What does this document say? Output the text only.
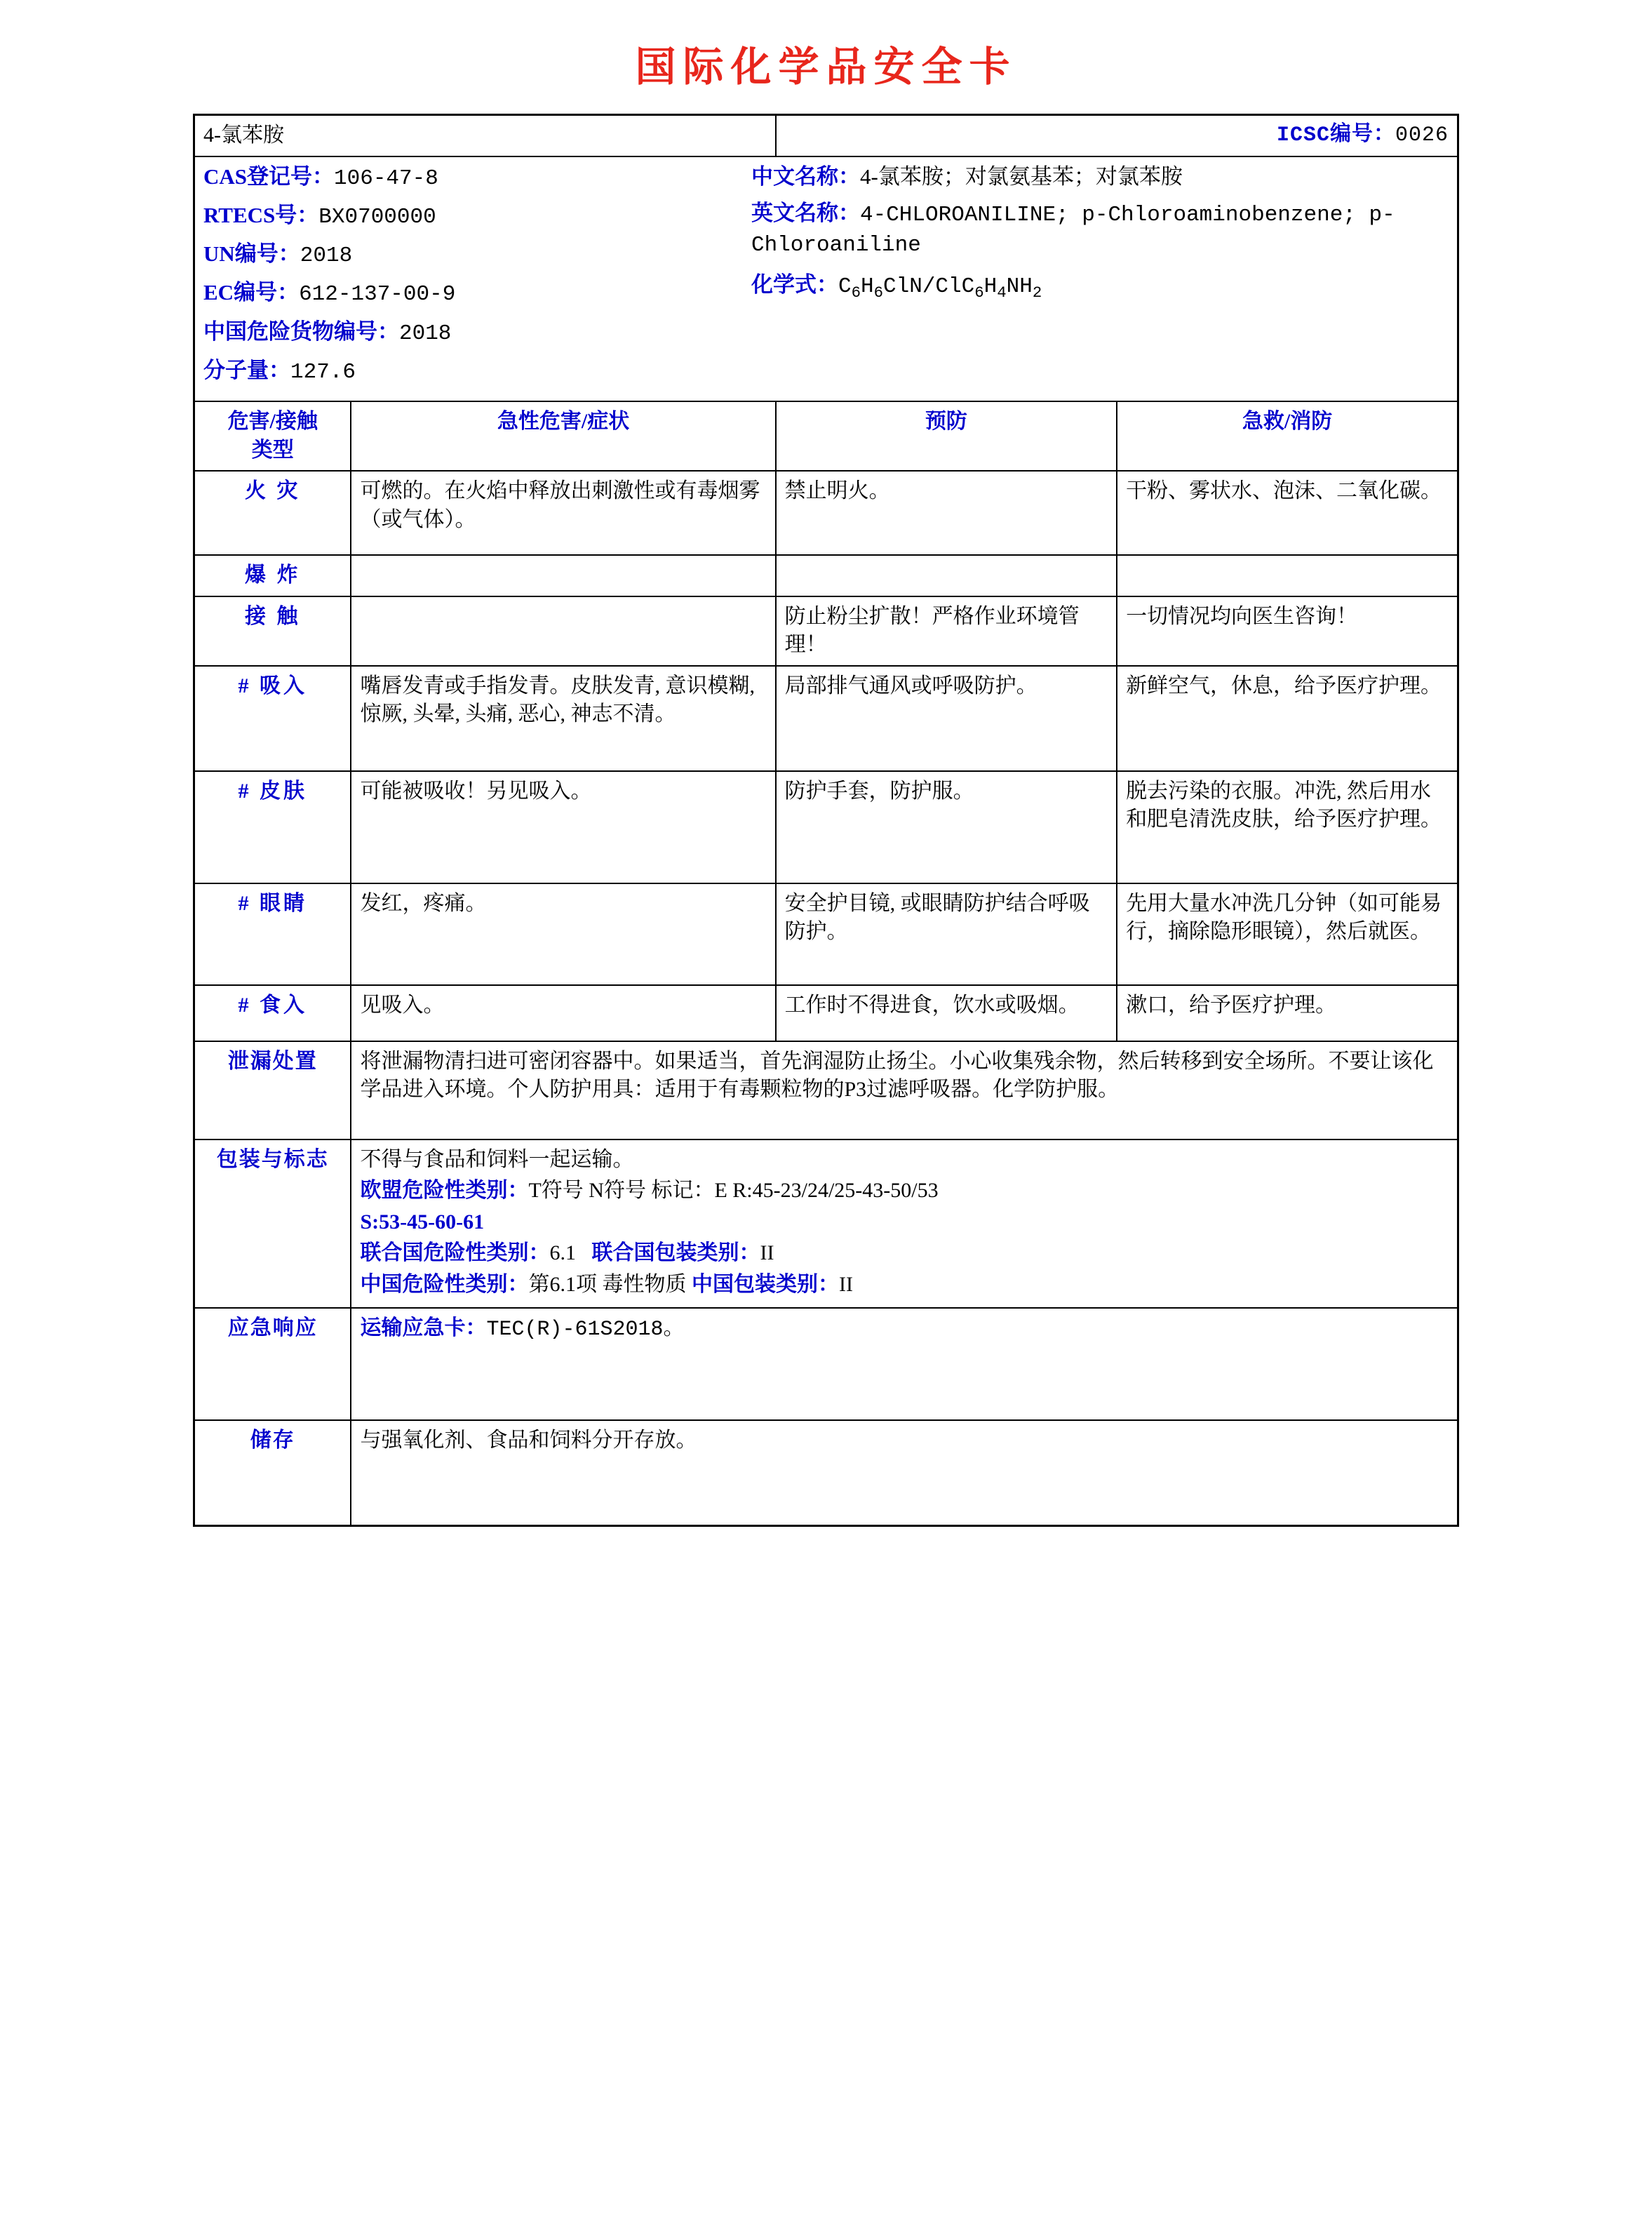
国际化学品安全卡
4-氯苯胺		ICSC编号：0026	

CAS登记号：106-47-8

RTECS号：BX0700000

UN编号：2018

EC编号：612-137-00-9

中国危险货物编号：2018

分子量：127.6

中文名称：4-氯苯胺；对氯氨基苯；对氯苯胺

英文名称：4-CHLOROANILINE; p-Chloroaminobenzene; p-Chloroaniline

化学式：$C_6H_6ClN/ClC_6H_4NH_2$

危害/接触
类型	急性危害/症状	预防	急救/消防
火 灾	可燃的。在火焰中释放出刺激性或有毒烟雾（或气体）。	禁止明火。	干粉、雾状水、泡沫、二氧化碳。
爆 炸			
接 触		防止粉尘扩散！严格作业环境管理！	一切情况均向医生咨询！
# 吸入	嘴唇发青或手指发青。皮肤发青, 意识模糊, 惊厥, 头晕, 头痛, 恶心, 神志不清。	局部排气通风或呼吸防护。	新鲜空气，休息，给予医疗护理。
# 皮肤	可能被吸收！另见吸入。	防护手套，防护服。	脱去污染的衣服。冲洗, 然后用水和肥皂清洗皮肤，给予医疗护理。
# 眼睛	发红，疼痛。	安全护目镜, 或眼睛防护结合呼吸防护。	先用大量水冲洗几分钟（如可能易行，摘除隐形眼镜），然后就医。
# 食入	见吸入。	工作时不得进食，饮水或吸烟。	漱口，给予医疗护理。
泄漏处置	将泄漏物清扫进可密闭容器中。如果适当，首先润湿防止扬尘。小心收集残余物，然后转移到安全场所。不要让该化学品进入环境。个人防护用具：适用于有毒颗粒物的P3过滤呼吸器。化学防护服。		
包装与标志	不得与食品和饲料一起运输。

欧盟危险性类别：T符号 N符号 标记：E R:45-23/24/25-43-50/53

S:53-45-60-61

联合国危险性类别：6.1 联合国包装类别：II

中国危险性类别：第6.1项 毒性物质 中国包装类别：II		

应急响应	运输应急卡：TEC(R)-61S2018。		

储存	与强氧化剂、食品和饲料分开存放。		
